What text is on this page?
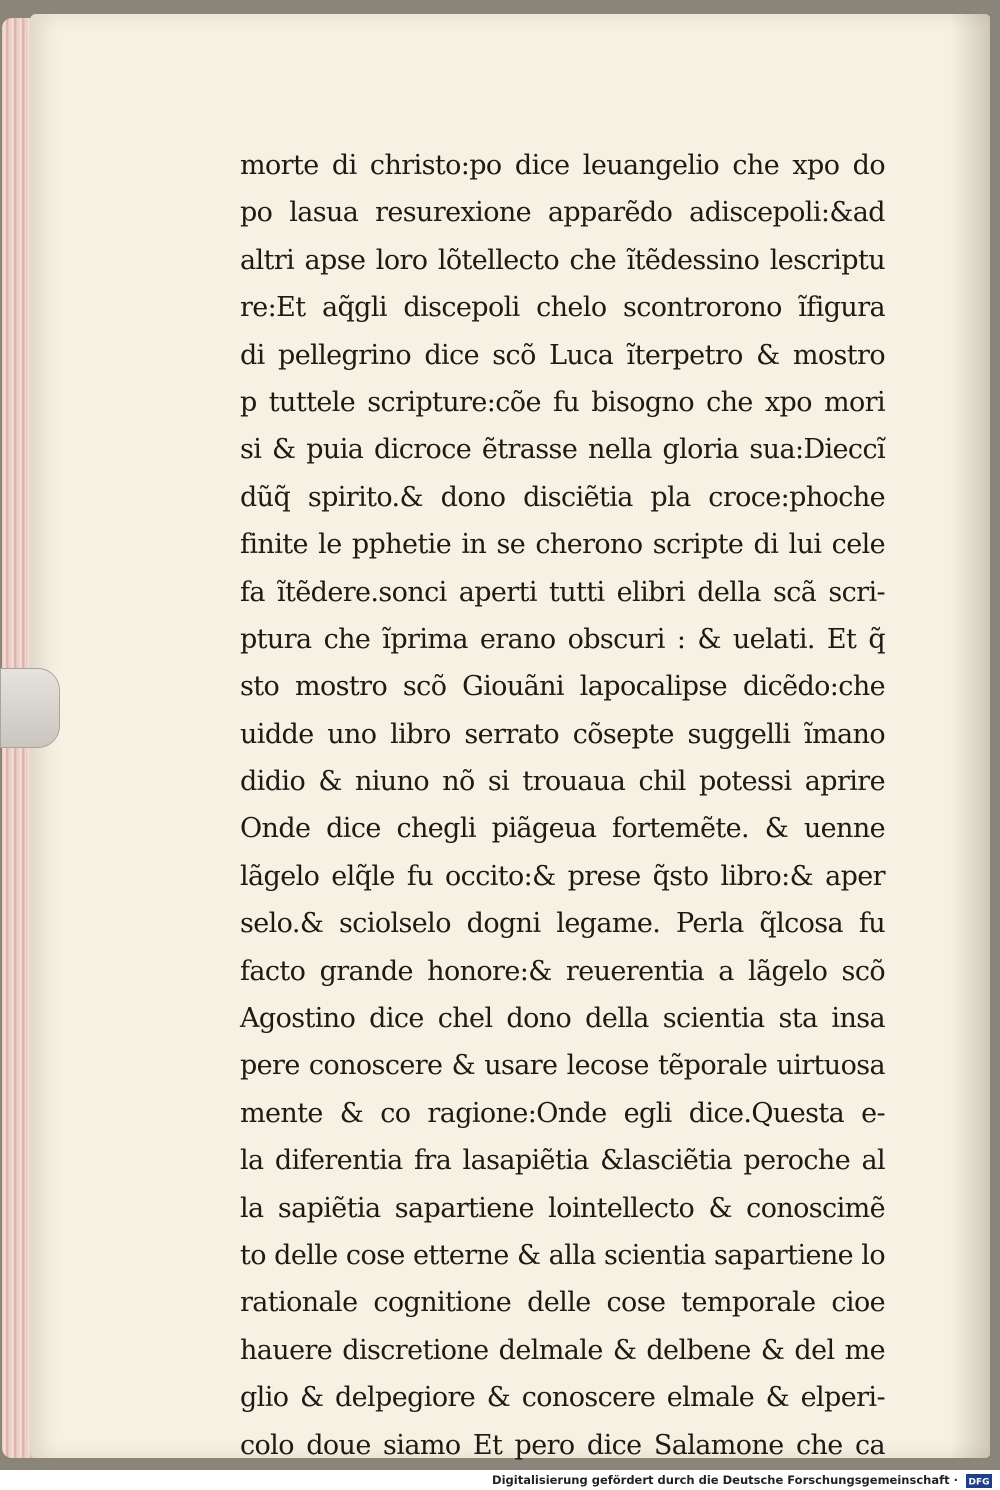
morte di christo:po dice leuangelio che xpo do
po lasua resurexione apparẽdo adiscepoli:&ad
altri apse loro lõtellecto che ĩtẽdessino lescriptu
re:Et aq̃gli discepoli chelo scontrorono ĩfigura
di pellegrino dice scõ Luca ĩterpetro & mostro
p tuttele scripture:cõe fu bisogno che xpo mori
si & puia dicroce ẽtrasse nella gloria sua:Dieccĩ
dũq̃ spirito.& dono disciẽtia pla croce:phoche
finite le pphetie in se cherono scripte di lui cele
fa ĩtẽdere.sonci aperti tutti elibri della scã scri-
ptura che ĩprima erano obscuri : & uelati. Et q̃
sto mostro scõ Giouãni lapocalipse dicẽdo:che
uidde uno libro serrato cõsepte suggelli ĩmano
didio & niuno nõ si trouaua chil potessi aprire
Onde dice chegli piãgeua fortemẽte. & uenne
lãgelo elq̃le fu occito:& prese q̃sto libro:& aper
selo.& sciolselo dogni legame. Perla q̃lcosa fu
facto grande honore:& reuerentia a lãgelo scõ
Agostino dice chel dono della scientia sta insa
pere conoscere & usare lecose tẽporale uirtuosa
mente & co ragione:Onde egli dice.Questa e-
la diferentia fra lasapiẽtia &lasciẽtia peroche al
la sapiẽtia sapartiene lointellecto & conoscimẽ
to delle cose etterne & alla scientia sapartiene lo
rationale cognitione delle cose temporale cioe
hauere discretione delmale & delbene & del me
glio & delpegiore & conoscere elmale & elperi-
colo doue siamo Et pero dice Salamone che ca
Digitalisierung gefördert durch die Deutsche Forschungsgemeinschaft · DFG
